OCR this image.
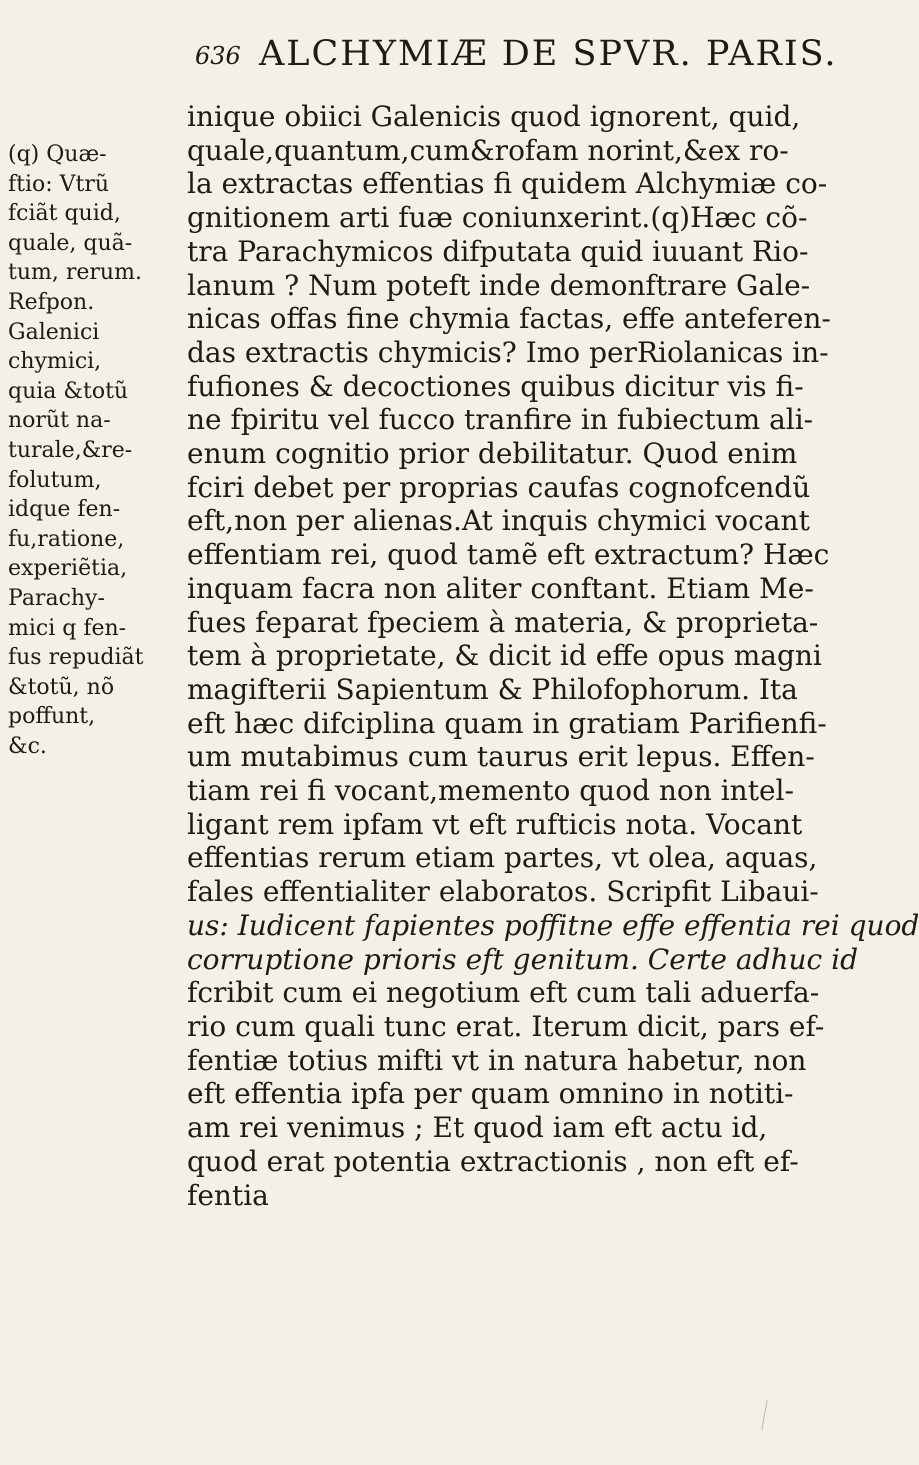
636 ALCHYMIÆ DE SPVR. PARIS.
(q) Quæ-
ftio: Vtrũ
fciãt quid,
quale, quã-
tum, rerum.
Refpon.
Galenici
chymici,
quia &totũ
norũt na-
turale,&re-
folutum,
idque fen-
fu,ratione,
experiẽtia,
Parachy-
mici q fen-
fus repudiãt
&totũ, nõ
poffunt,
&c.
inique obiici Galenicis quod ignorent, quid,
quale,quantum,cum&rofam norint,&ex ro-
la extractas effentias fi quidem Alchymiæ co-
gnitionem arti fuæ coniunxerint.(q)Hæc cõ-
tra Parachymicos difputata quid iuuant Rio-
lanum ? Num poteft inde demonftrare Gale-
nicas offas fine chymia factas, effe anteferen-
das extractis chymicis? Imo perRiolanicas in-
fufiones & decoctiones quibus dicitur vis fi-
ne fpiritu vel fucco tranfire in fubiectum ali-
enum cognitio prior debilitatur. Quod enim
fciri debet per proprias caufas cognofcendũ
eft,non per alienas.At inquis chymici vocant
effentiam rei, quod tamẽ eft extractum? Hæc
inquam facra non aliter conftant. Etiam Me-
fues feparat fpeciem à materia, & proprieta-
tem à proprietate, & dicit id effe opus magni
magifterii Sapientum & Philofophorum. Ita
eft hæc difciplina quam in gratiam Parifienfi-
um mutabimus cum taurus erit lepus. Effen-
tiam rei fi vocant,memento quod non intel-
ligant rem ipfam vt eft rufticis nota. Vocant
effentias rerum etiam partes, vt olea, aquas,
fales effentialiter elaboratos. Scripfit Libaui-
us: Iudicent fapientes poffitne effe effentia rei quod
corruptione prioris eft genitum. Certe adhuc id
fcribit cum ei negotium eft cum tali aduerfa-
rio cum quali tunc erat. Iterum dicit, pars ef-
fentiæ totius mifti vt in natura habetur, non
eft effentia ipfa per quam omnino in notiti-
am rei venimus ; Et quod iam eft actu id,
quod erat potentia extractionis , non eft ef-
fentia
